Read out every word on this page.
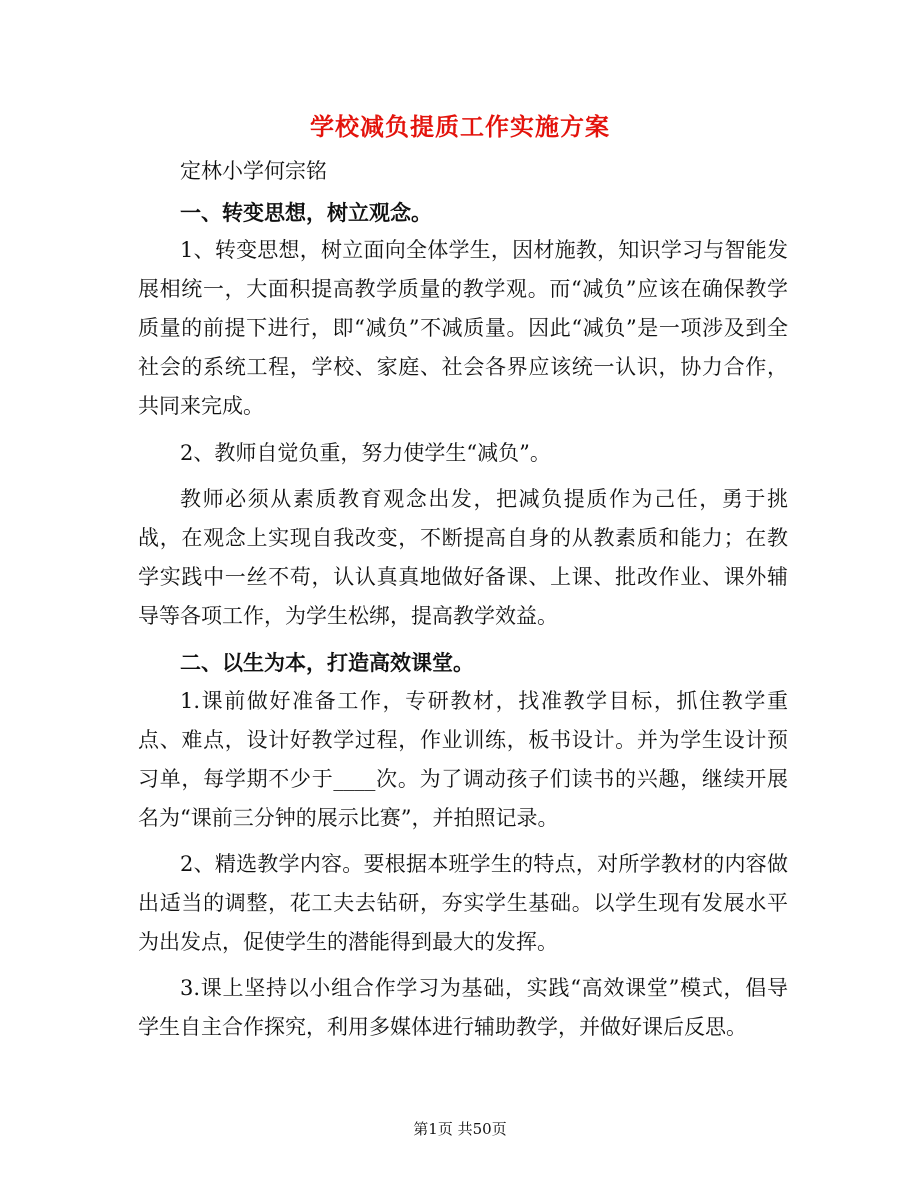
学校减负提质工作实施方案

定林小学何宗铭

一、转变思想，树立观念。

1、转变思想，树立面向全体学生，因材施教，知识学习与智能发展相统一，大面积提高教学质量的教学观。而“减负”应该在确保教学质量的前提下进行，即“减负”不减质量。因此“减负”是一项涉及到全社会的系统工程，学校、家庭、社会各界应该统一认识，协力合作，共同来完成。

2、教师自觉负重，努力使学生“减负”。

教师必须从素质教育观念出发，把减负提质作为己任，勇于挑战，在观念上实现自我改变，不断提高自身的从教素质和能力；在教学实践中一丝不苟，认认真真地做好备课、上课、批改作业、课外辅导等各项工作，为学生松绑，提高教学效益。

二、以生为本，打造高效课堂。

1.课前做好准备工作，专研教材，找准教学目标，抓住教学重点、难点，设计好教学过程，作业训练，板书设计。并为学生设计预习单，每学期不少于____次。为了调动孩子们读书的兴趣，继续开展名为“课前三分钟的展示比赛”，并拍照记录。

2、精选教学内容。要根据本班学生的特点，对所学教材的内容做出适当的调整，花工夫去钻研，夯实学生基础。以学生现有发展水平为出发点，促使学生的潜能得到最大的发挥。

3.课上坚持以小组合作学习为基础，实践“高效课堂”模式，倡导学生自主合作探究，利用多媒体进行辅助教学，并做好课后反思。

第1页 共50页
